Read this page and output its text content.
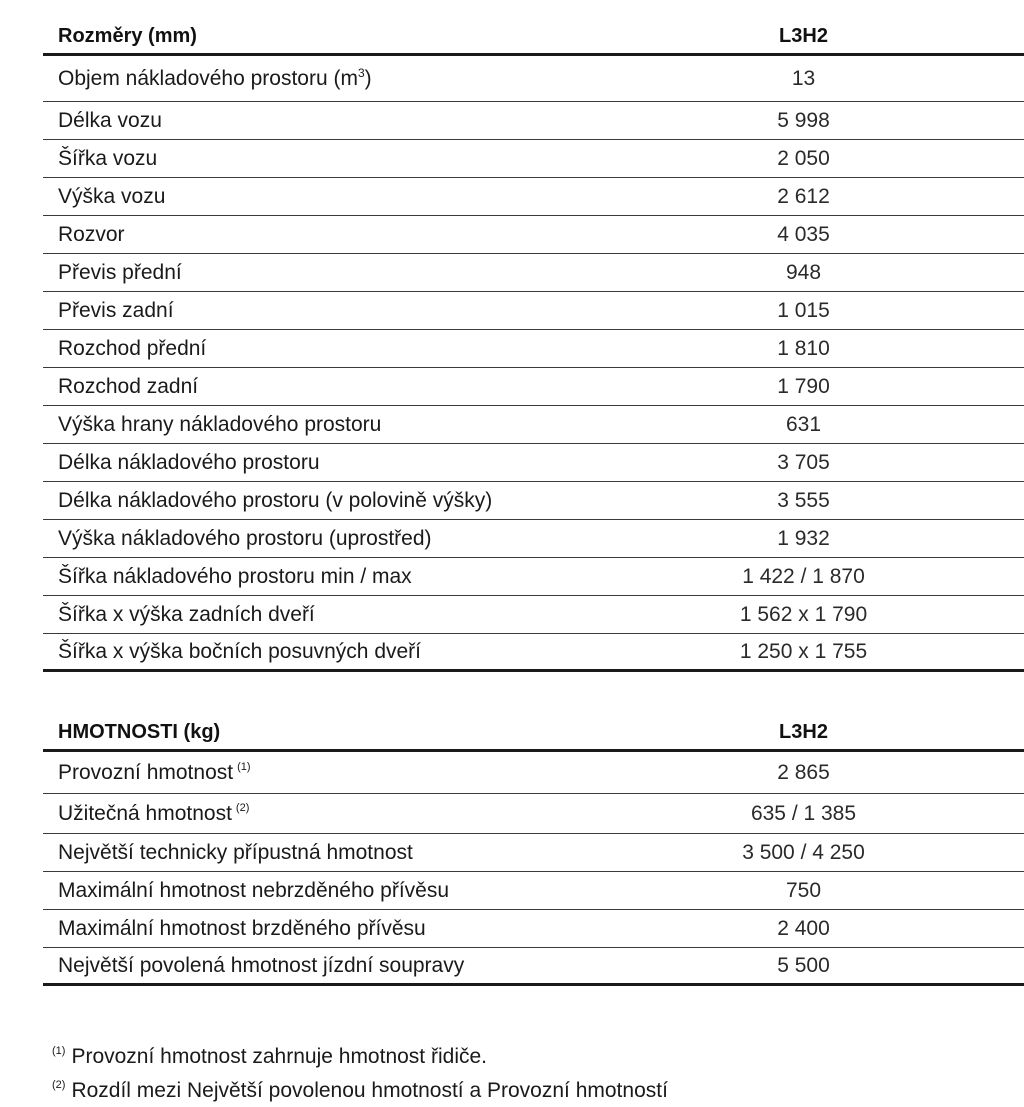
Rozměry (mm)	L3H2
Objem nákladového prostoru $(m^3)$	13
Délka vozu	5 998
Šířka vozu	2 050
Výška vozu	2 612
Rozvor	4 035
Převis přední	948
Převis zadní	1 015
Rozchod přední	1 810
Rozchod zadní	1 790
Výška hrany nákladového prostoru	631
Délka nákladového prostoru	3 705
Délka nákladového prostoru (v polovině výšky)	3 555
Výška nákladového prostoru (uprostřed)	1 932
Šířka nákladového prostoru min / max	1 422 / 1 870
Šířka x výška zadních dveří	1 562 x 1 790
Šířka x výška bočních posuvných dveří	1 250 x 1 755
HMOTNOSTI (kg)	L3H2
Provozní hmotnost $^{(1)}$	2 865
Užitečná hmotnost $^{(2)}$	635 / 1 385
Největší technicky přípustná hmotnost	3 500 / 4 250
Maximální hmotnost nebrzděného přívěsu	750
Maximální hmotnost brzděného přívěsu	2 400
Největší povolená hmotnost jízdní soupravy	5 500
$^{(1)}$ Provozní hmotnost zahrnuje hmotnost řidiče.
$^{(2)}$ Rozdíl mezi Největší povolenou hmotností a Provozní hmotností
